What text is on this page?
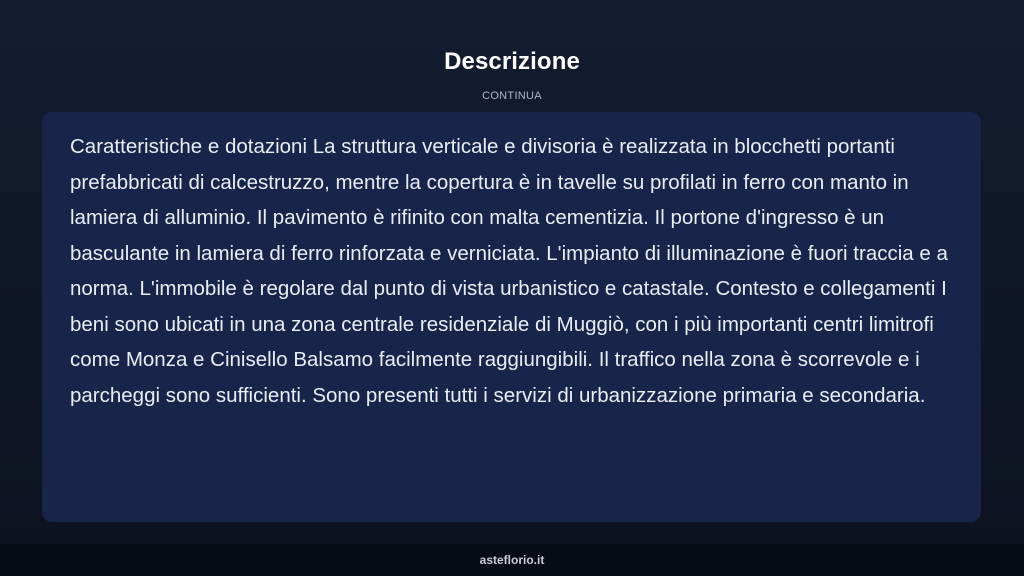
Descrizione
CONTINUA

Caratteristiche e dotazioni La struttura verticale e divisoria è realizzata in blocchetti portanti prefabbricati di calcestruzzo, mentre la copertura è in tavelle su profilati in ferro con manto in lamiera di alluminio. Il pavimento è rifinito con malta cementizia. Il portone d'ingresso è un basculante in lamiera di ferro rinforzata e verniciata. L'impianto di illuminazione è fuori traccia e a norma. L'immobile è regolare dal punto di vista urbanistico e catastale. Contesto e collegamenti I beni sono ubicati in una zona centrale residenziale di Muggiò, con i più importanti centri limitrofi come Monza e Cinisello Balsamo facilmente raggiungibili. Il traffico nella zona è scorrevole e i parcheggi sono sufficienti. Sono presenti tutti i servizi di urbanizzazione primaria e secondaria.

asteflorio.it
